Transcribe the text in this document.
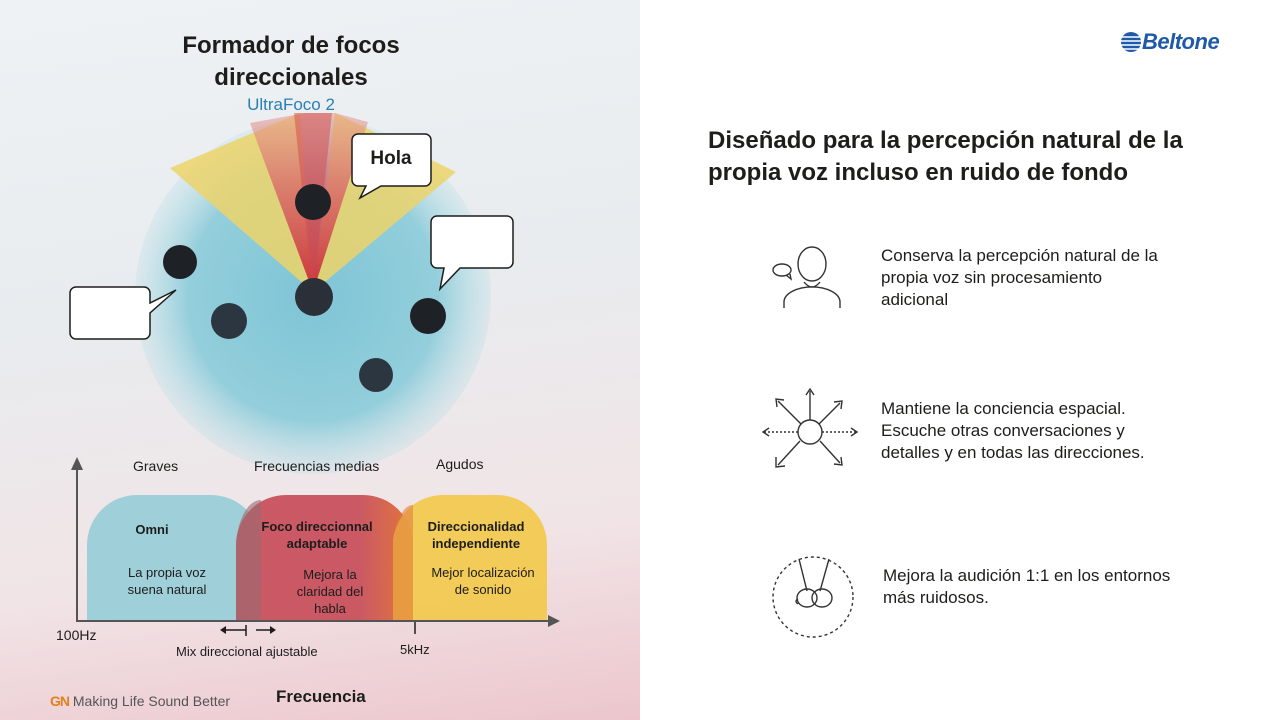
Formador de focos direccionales
UltraFoco 2
Hola
Graves	Frecuencias medias	Agudos
Omni
La propia voz suena natural
Foco direccionnal adaptable
Mejora la claridad del habla
Direccionalidad independiente
Mejor localización de sonido
100Hz
Mix direccional ajustable	5kHz
GN Making Life Sound Better	Frecuencia
Beltone
Diseñado para la percepción natural de la propia voz incluso en ruido de fondo
Conserva la percepción natural de la propia voz sin procesamiento adicional
Mantiene la conciencia espacial. Escuche otras conversaciones y detalles y en todas las direcciones.
Mejora la audición 1:1 en los entornos más ruidosos.
